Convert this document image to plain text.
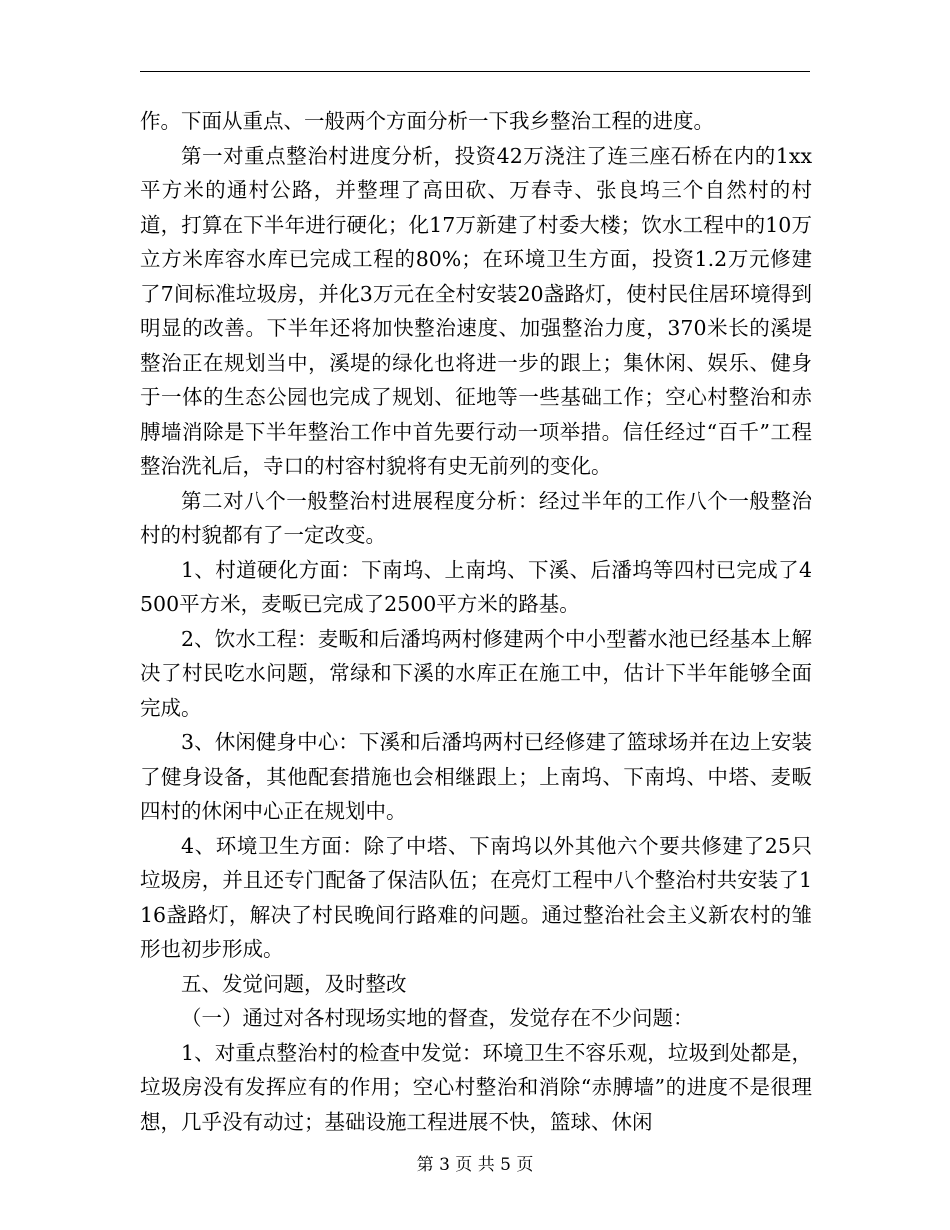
作。下面从重点、一般两个方面分析一下我乡整治工程的进度。

第一对重点整治村进度分析，投资42万浇注了连三座石桥在内的1xx平方米的通村公路，并整理了高田砍、万春寺、张良坞三个自然村的村道，打算在下半年进行硬化；化17万新建了村委大楼；饮水工程中的10万立方米库容水库已完成工程的80%；在环境卫生方面，投资1.2万元修建了7间标准垃圾房，并化3万元在全村安装20盏路灯，使村民住居环境得到明显的改善。下半年还将加快整治速度、加强整治力度，370米长的溪堤整治正在规划当中，溪堤的绿化也将进一步的跟上；集休闲、娱乐、健身于一体的生态公园也完成了规划、征地等一些基础工作；空心村整治和赤膊墙消除是下半年整治工作中首先要行动一项举措。信任经过“百千”工程整治洗礼后，寺口的村容村貌将有史无前列的变化。

第二对八个一般整治村进展程度分析：经过半年的工作八个一般整治村的村貌都有了一定改变。

1、村道硬化方面：下南坞、上南坞、下溪、后潘坞等四村已完成了4500平方米，麦畈已完成了2500平方米的路基。

2、饮水工程：麦畈和后潘坞两村修建两个中小型蓄水池已经基本上解决了村民吃水问题，常绿和下溪的水库正在施工中，估计下半年能够全面完成。

3、休闲健身中心：下溪和后潘坞两村已经修建了篮球场并在边上安装了健身设备，其他配套措施也会相继跟上；上南坞、下南坞、中塔、麦畈四村的休闲中心正在规划中。

4、环境卫生方面：除了中塔、下南坞以外其他六个要共修建了25只垃圾房，并且还专门配备了保洁队伍；在亮灯工程中八个整治村共安装了116盏路灯，解决了村民晚间行路难的问题。通过整治社会主义新农村的雏形也初步形成。

五、发觉问题，及时整改

（一）通过对各村现场实地的督查，发觉存在不少问题：

1、对重点整治村的检查中发觉：环境卫生不容乐观，垃圾到处都是，垃圾房没有发挥应有的作用；空心村整治和消除“赤膊墙”的进度不是很理想，几乎没有动过；基础设施工程进展不快，篮球、休闲

第 3 页 共 5 页
